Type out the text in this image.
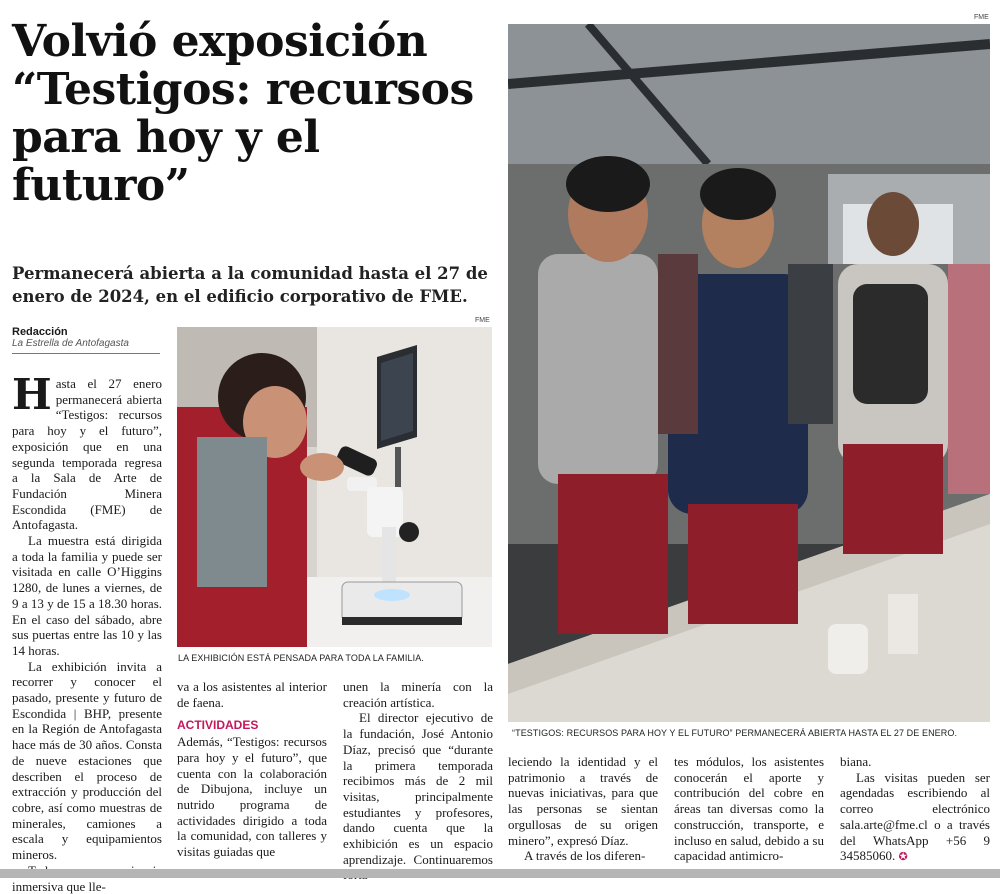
Volvió exposición “Testigos: recursos para hoy y el futuro”
Permanecerá abierta a la comunidad hasta el 27 de enero de 2024, en el edificio corporativo de FME.
Redacción
La Estrella de Antofagasta

Hasta el 27 enero permanecerá abierta “Testigos: recursos para hoy y el futuro”, exposición que en una segunda temporada regresa a la Sala de Arte de Fundación Minera Escondida (FME) de Antofagasta.

La muestra está dirigida a toda la familia y puede ser visitada en calle O’Higgins 1280, de lunes a viernes, de 9 a 13 y de 15 a 18.30 horas. En el caso del sábado, abre sus puertas entre las 10 y las 14 horas.

La exhibición invita a recorrer y conocer el pasado, presente y futuro de Escondida | BHP, presente en la Región de Antofagasta hace más de 30 años. Consta de nueve estaciones que describen el proceso de extracción y producción del cobre, así como muestras de minerales, camiones a escala y equipamientos mineros.

inmersiva que lle-

FME
LA EXHIBICIÓN ESTÁ PENSADA PARA TODA LA FAMILIA.

va a los asistentes al interior de faena.

ACTIVIDADES

Además, “Testigos: recursos para hoy y el futuro”, que cuenta con la colaboración de Dibujona, incluye un nutrido programa de actividades dirigido a toda la comunidad, con talleres y visitas guiadas que

unen la minería con la creación artística.

El director ejecutivo de la fundación, José Antonio Díaz, precisó que “durante la primera temporada recibimos más de 2 mil visitas, principalmente estudiantes y profesores, dando cuenta que la exhibición es un espacio aprendizaje. Continuaremos

FME
“TESTIGOS: RECURSOS PARA HOY Y EL FUTURO” PERMANECERÁ ABIERTA HASTA EL 27 DE ENERO.

leciendo la identidad y el patrimonio a través de nuevas iniciativas, para que las personas se sientan orgullosas de su origen minero”, expresó Díaz.

A través de los diferen-

tes módulos, los asistentes conocerán el aporte y contribución del cobre en áreas tan diversas como la construcción, transporte, e incluso en salud, debido a su capacidad antimicro-

biana.

Las visitas pueden ser agendadas escribiendo al correo electrónico sala.arte@fme.cl o a través del WhatsApp +56 9 34585060. ✪
